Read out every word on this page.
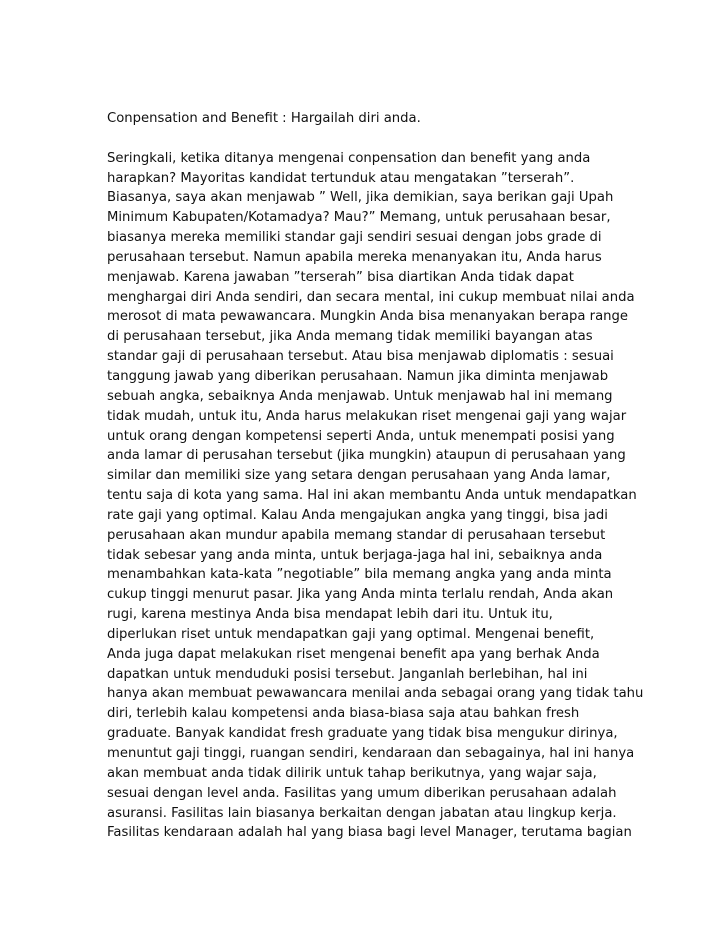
Conpensation and Benefit : Hargailah diri anda.

Seringkali, ketika ditanya mengenai conpensation dan benefit yang anda
harapkan? Mayoritas kandidat tertunduk atau mengatakan ”terserah”.
Biasanya, saya akan menjawab ” Well, jika demikian, saya berikan gaji Upah
Minimum Kabupaten/Kotamadya? Mau?” Memang, untuk perusahaan besar,
biasanya mereka memiliki standar gaji sendiri sesuai dengan jobs grade di
perusahaan tersebut. Namun apabila mereka menanyakan itu, Anda harus
menjawab. Karena jawaban ”terserah” bisa diartikan Anda tidak dapat
menghargai diri Anda sendiri, dan secara mental, ini cukup membuat nilai anda
merosot di mata pewawancara. Mungkin Anda bisa menanyakan berapa range
di perusahaan tersebut, jika Anda memang tidak memiliki bayangan atas
standar gaji di perusahaan tersebut. Atau bisa menjawab diplomatis : sesuai
tanggung jawab yang diberikan perusahaan. Namun jika diminta menjawab
sebuah angka, sebaiknya Anda menjawab. Untuk menjawab hal ini memang
tidak mudah, untuk itu, Anda harus melakukan riset mengenai gaji yang wajar
untuk orang dengan kompetensi seperti Anda, untuk menempati posisi yang
anda lamar di perusahan tersebut (jika mungkin) ataupun di perusahaan yang
similar dan memiliki size yang setara dengan perusahaan yang Anda lamar,
tentu saja di kota yang sama. Hal ini akan membantu Anda untuk mendapatkan
rate gaji yang optimal. Kalau Anda mengajukan angka yang tinggi, bisa jadi
perusahaan akan mundur apabila memang standar di perusahaan tersebut
tidak sebesar yang anda minta, untuk berjaga-jaga hal ini, sebaiknya anda
menambahkan kata-kata ”negotiable” bila memang angka yang anda minta
cukup tinggi menurut pasar. Jika yang Anda minta terlalu rendah, Anda akan
rugi, karena mestinya Anda bisa mendapat lebih dari itu. Untuk itu,
diperlukan riset untuk mendapatkan gaji yang optimal. Mengenai benefit,
Anda juga dapat melakukan riset mengenai benefit apa yang berhak Anda
dapatkan untuk menduduki posisi tersebut. Janganlah berlebihan, hal ini
hanya akan membuat pewawancara menilai anda sebagai orang yang tidak tahu
diri, terlebih kalau kompetensi anda biasa-biasa saja atau bahkan fresh
graduate. Banyak kandidat fresh graduate yang tidak bisa mengukur dirinya,
menuntut gaji tinggi, ruangan sendiri, kendaraan dan sebagainya, hal ini hanya
akan membuat anda tidak dilirik untuk tahap berikutnya, yang wajar saja,
sesuai dengan level anda. Fasilitas yang umum diberikan perusahaan adalah
asuransi. Fasilitas lain biasanya berkaitan dengan jabatan atau lingkup kerja.
Fasilitas kendaraan adalah hal yang biasa bagi level Manager, terutama bagian
